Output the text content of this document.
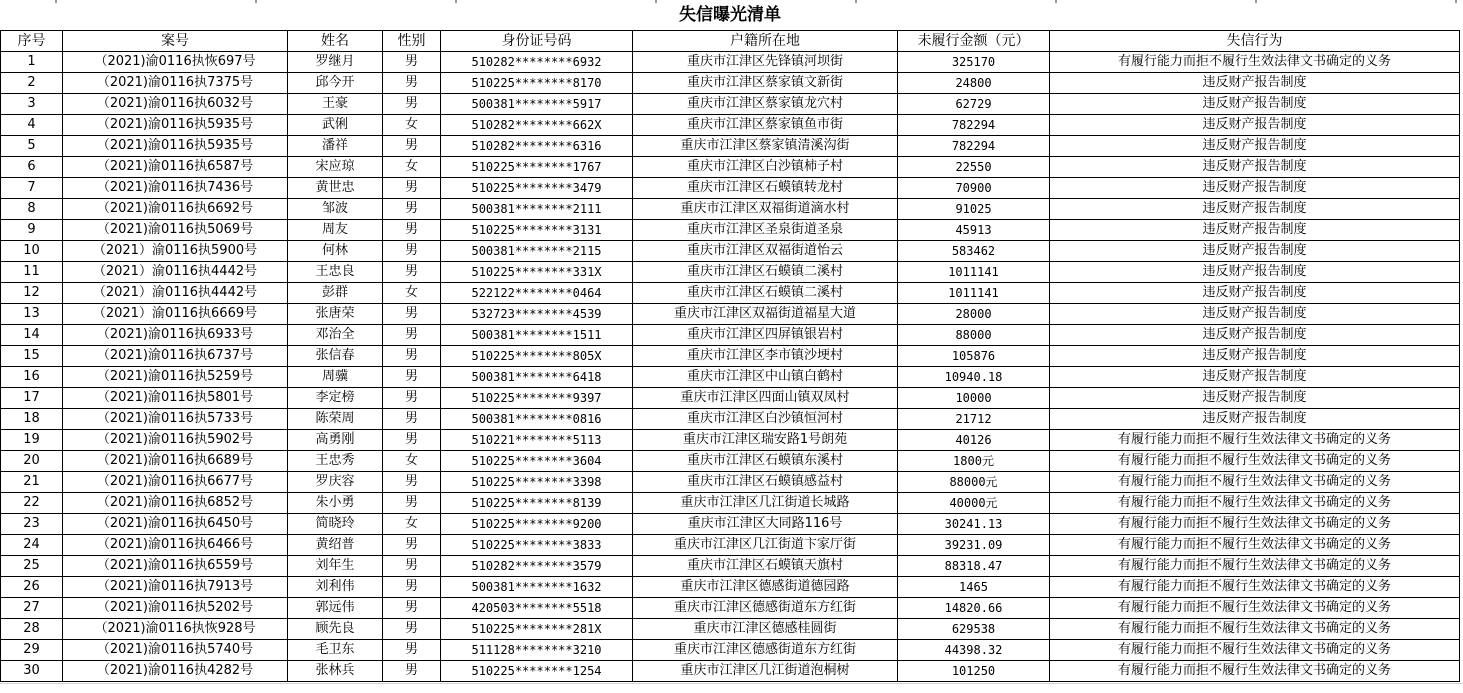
失信曝光清单							
序号	案号	姓名	性别	身份证号码	户籍所在地	未履行金额（元）	失信行为
1	（2021)渝0116执恢697号	罗继月	男	510282********6932	重庆市江津区先锋镇河坝街	325170	有履行能力而拒不履行生效法律文书确定的义务
2	（2021)渝0116执7375号	邱今开	男	510225********8170	重庆市江津区蔡家镇文新街	24800	违反财产报告制度
3	（2021)渝0116执6032号	王豪	男	500381********5917	重庆市江津区蔡家镇龙穴村	62729	违反财产报告制度
4	（2021)渝0116执5935号	武俐	女	510282********662X	重庆市江津区蔡家镇鱼市街	782294	违反财产报告制度
5	（2021)渝0116执5935号	潘祥	男	510282********6316	重庆市江津区蔡家镇清溪沟街	782294	违反财产报告制度
6	（2021)渝0116执6587号	宋应琼	女	510225********1767	重庆市江津区白沙镇柿子村	22550	违反财产报告制度
7	（2021)渝0116执7436号	黄世忠	男	510225********3479	重庆市江津区石蟆镇转龙村	70900	违反财产报告制度
8	（2021)渝0116执6692号	邹波	男	500381********2111	重庆市江津区双福街道滴水村	91025	违反财产报告制度
9	（2021)渝0116执5069号	周友	男	510225********3131	重庆市江津区圣泉街道圣泉	45913	违反财产报告制度
10	（2021）渝0116执5900号	何林	男	500381********2115	重庆市江津区双福街道怡云	583462	违反财产报告制度
11	（2021）渝0116执4442号	王忠良	男	510225********331X	重庆市江津区石蟆镇二溪村	1011141	违反财产报告制度
12	（2021）渝0116执4442号	彭群	女	522122********0464	重庆市江津区石蟆镇二溪村	1011141	违反财产报告制度
13	（2021）渝0116执6669号	张唐荣	男	532723********4539	重庆市江津区双福街道福星大道	28000	违反财产报告制度
14	（2021)渝0116执6933号	邓治全	男	500381********1511	重庆市江津区四屏镇银岩村	88000	违反财产报告制度
15	（2021)渝0116执6737号	张信春	男	510225********805X	重庆市江津区李市镇沙埂村	105876	违反财产报告制度
16	（2021)渝0116执5259号	周骥	男	500381********6418	重庆市江津区中山镇白鹤村	10940.18	违反财产报告制度
17	（2021)渝0116执5801号	李定榜	男	510225********9397	重庆市江津区四面山镇双凤村	10000	违反财产报告制度
18	（2021)渝0116执5733号	陈荣周	男	500381********0816	重庆市江津区白沙镇恒河村	21712	违反财产报告制度
19	（2021)渝0116执5902号	高勇刚	男	510221********5113	重庆市江津区瑞安路1号朗苑	40126	有履行能力而拒不履行生效法律文书确定的义务
20	（2021)渝0116执6689号	王忠秀	女	510225********3604	重庆市江津区石蟆镇东溪村	1800元	有履行能力而拒不履行生效法律文书确定的义务
21	（2021)渝0116执6677号	罗庆容	男	510225********3398	重庆市江津区石蟆镇感益村	88000元	有履行能力而拒不履行生效法律文书确定的义务
22	（2021)渝0116执6852号	朱小勇	男	510225********8139	重庆市江津区几江街道长城路	40000元	有履行能力而拒不履行生效法律文书确定的义务
23	（2021)渝0116执6450号	简晓玲	女	510225********9200	重庆市江津区大同路116号	30241.13	有履行能力而拒不履行生效法律文书确定的义务
24	（2021)渝0116执6466号	黄绍普	男	510225********3833	重庆市江津区几江街道卞家厅街	39231.09	有履行能力而拒不履行生效法律文书确定的义务
25	（2021)渝0116执6559号	刘年生	男	510282********3579	重庆市江津区石蟆镇天旗村	88318.47	有履行能力而拒不履行生效法律文书确定的义务
26	（2021)渝0116执7913号	刘利伟	男	500381********1632	重庆市江津区德感街道德园路	1465	有履行能力而拒不履行生效法律文书确定的义务
27	（2021)渝0116执5202号	郭远伟	男	420503********5518	重庆市江津区德感街道东方红街	14820.66	有履行能力而拒不履行生效法律文书确定的义务
28	（2021)渝0116执恢928号	顾先良	男	510225********281X	重庆市江津区德感桂圆街	629538	有履行能力而拒不履行生效法律文书确定的义务
29	（2021)渝0116执5740号	毛卫东	男	511128********3210	重庆市江津区德感街道东方红街	44398.32	有履行能力而拒不履行生效法律文书确定的义务
30	（2021)渝0116执4282号	张林兵	男	510225********1254	重庆市江津区几江街道泡桐树	101250	有履行能力而拒不履行生效法律文书确定的义务
